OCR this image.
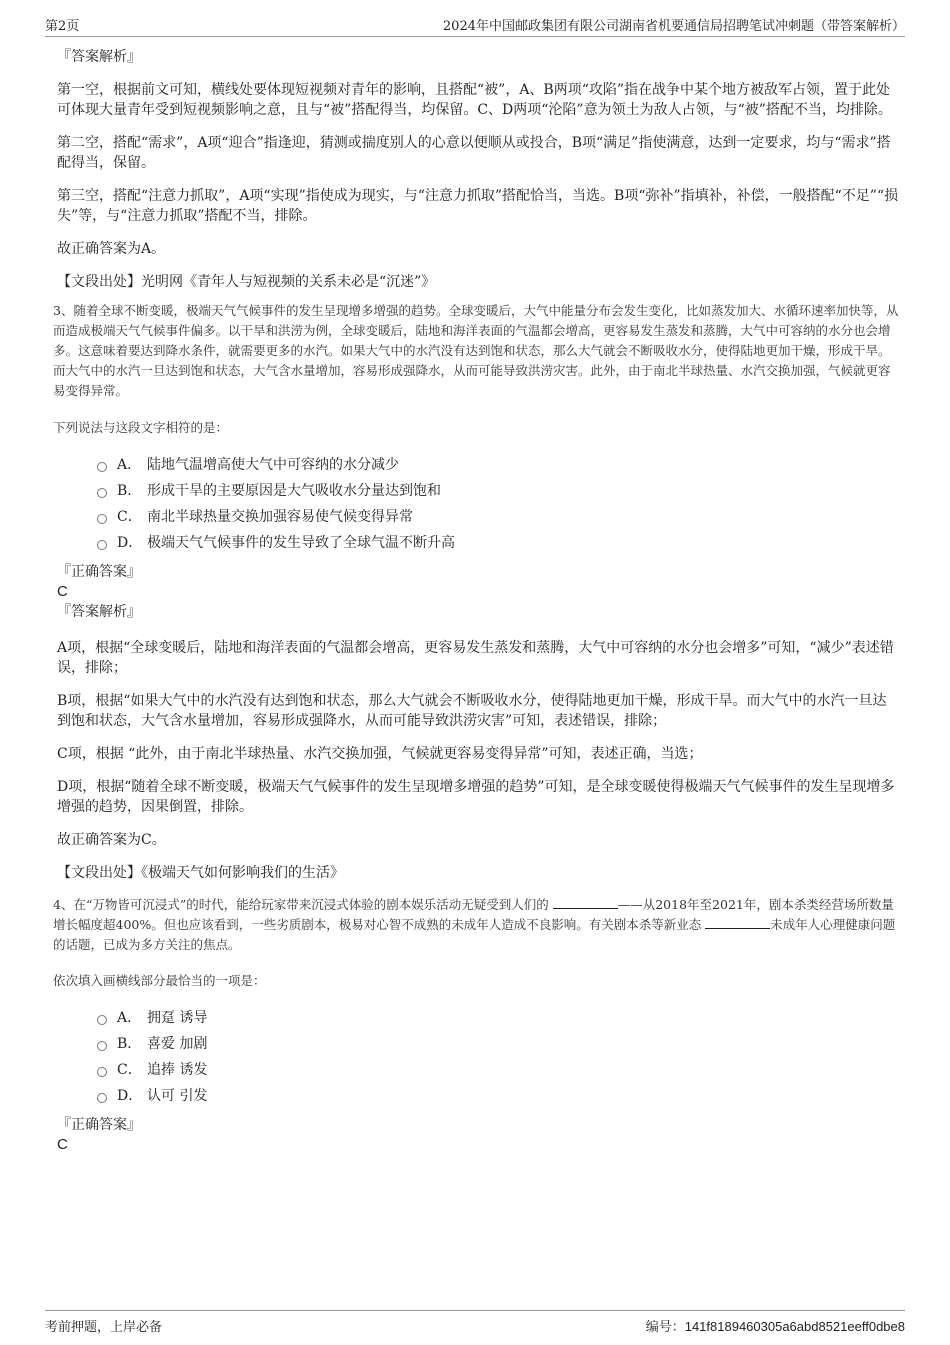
第2页	2024年中国邮政集团有限公司湖南省机要通信局招聘笔试冲刺题（带答案解析）

『答案解析』

第一空，根据前文可知，横线处要体现短视频对青年的影响，且搭配“被”，A、B两项“攻陷”指在战争中某个地方被敌军占领，置于此处可体现大量青年受到短视频影响之意，且与“被”搭配得当，均保留。C、D两项“沦陷”意为领土为敌人占领，与“被”搭配不当，均排除。

第二空，搭配“需求”，A项“迎合”指逢迎，猜测或揣度别人的心意以便顺从或投合，B项“满足”指使满意，达到一定要求，均与“需求”搭配得当，保留。

第三空，搭配“注意力抓取”，A项“实现”指使成为现实，与“注意力抓取”搭配恰当，当选。B项“弥补”指填补，补偿，一般搭配“不足”“损失”等，与“注意力抓取”搭配不当，排除。

故正确答案为A。

【文段出处】光明网《青年人与短视频的关系未必是“沉迷”》

3、随着全球不断变暖，极端天气气候事件的发生呈现增多增强的趋势。全球变暖后，大气中能量分布会发生变化，比如蒸发加大、水循环速率加快等，从而造成极端天气气候事件偏多。以干旱和洪涝为例，全球变暖后，陆地和海洋表面的气温都会增高，更容易发生蒸发和蒸腾，大气中可容纳的水分也会增多。这意味着要达到降水条件，就需要更多的水汽。如果大气中的水汽没有达到饱和状态，那么大气就会不断吸收水分，使得陆地更加干燥，形成干旱。而大气中的水汽一旦达到饱和状态，大气含水量增加，容易形成强降水，从而可能导致洪涝灾害。此外，由于南北半球热量、水汽交换加强，气候就更容易变得异常。

下列说法与这段文字相符的是：

A． 陆地气温增高使大气中可容纳的水分减少
B． 形成干旱的主要原因是大气吸收水分量达到饱和
C． 南北半球热量交换加强容易使气候变得异常
D． 极端天气气候事件的发生导致了全球气温不断升高

『正确答案』

C

『答案解析』

A项，根据“全球变暖后，陆地和海洋表面的气温都会增高，更容易发生蒸发和蒸腾，大气中可容纳的水分也会增多”可知，“减少”表述错误，排除；

B项，根据“如果大气中的水汽没有达到饱和状态，那么大气就会不断吸收水分，使得陆地更加干燥，形成干旱。而大气中的水汽一旦达到饱和状态，大气含水量增加，容易形成强降水，从而可能导致洪涝灾害”可知，表述错误，排除；

C项，根据 “此外，由于南北半球热量、水汽交换加强，气候就更容易变得异常”可知，表述正确，当选；

D项，根据“随着全球不断变暖，极端天气气候事件的发生呈现增多增强的趋势”可知，是全球变暖使得极端天气气候事件的发生呈现增多增强的趋势，因果倒置，排除。

故正确答案为C。

【文段出处】《极端天气如何影响我们的生活》

4、在“万物皆可沉浸式”的时代，能给玩家带来沉浸式体验的剧本娱乐活动无疑受到人们的	——从2018年至2021年，剧本杀类经营场所数量增长幅度超400%。但也应该看到，一些劣质剧本，极易对心智不成熟的未成年人造成不良影响。有关剧本杀等新业态	未成年人心理健康问题的话题，已成为多方关注的焦点。

依次填入画横线部分最恰当的一项是：

A． 拥趸 诱导
B． 喜爱 加剧
C． 追捧 诱发
D． 认可 引发

『正确答案』

C

考前押题，上岸必备	编号：141f8189460305a6abd8521eeff0dbe8
